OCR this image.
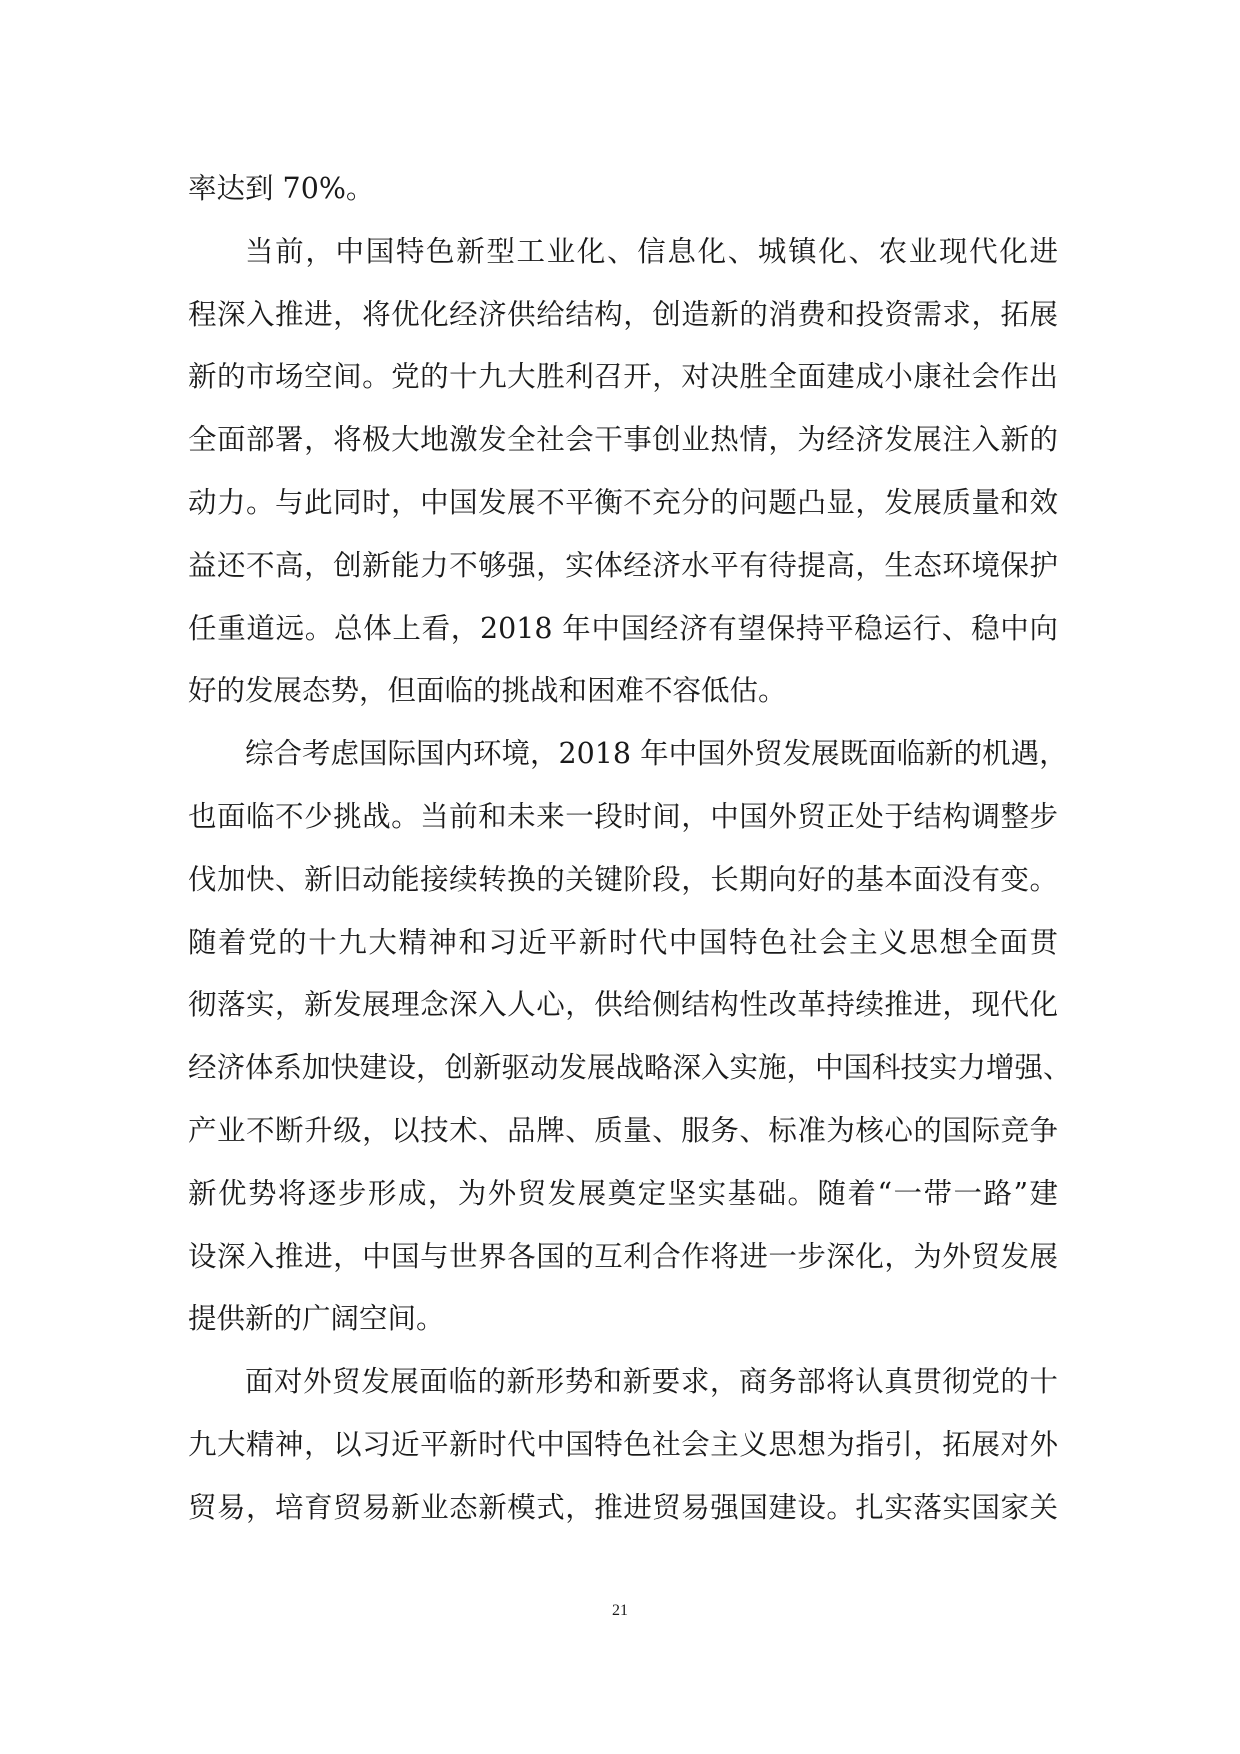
率达到 70%。
当前，中国特色新型工业化、信息化、城镇化、农业现代化进
程深入推进，将优化经济供给结构，创造新的消费和投资需求，拓展
新的市场空间。党的十九大胜利召开，对决胜全面建成小康社会作出
全面部署，将极大地激发全社会干事创业热情，为经济发展注入新的
动力。与此同时，中国发展不平衡不充分的问题凸显，发展质量和效
益还不高，创新能力不够强，实体经济水平有待提高，生态环境保护
任重道远。总体上看，2018 年中国经济有望保持平稳运行、稳中向
好的发展态势，但面临的挑战和困难不容低估。
综合考虑国际国内环境，2018 年中国外贸发展既面临新的机遇，
也面临不少挑战。当前和未来一段时间，中国外贸正处于结构调整步
伐加快、新旧动能接续转换的关键阶段，长期向好的基本面没有变。
随着党的十九大精神和习近平新时代中国特色社会主义思想全面贯
彻落实，新发展理念深入人心，供给侧结构性改革持续推进，现代化
经济体系加快建设，创新驱动发展战略深入实施，中国科技实力增强、
产业不断升级，以技术、品牌、质量、服务、标准为核心的国际竞争
新优势将逐步形成，为外贸发展奠定坚实基础。随着“一带一路”建
设深入推进，中国与世界各国的互利合作将进一步深化，为外贸发展
提供新的广阔空间。
面对外贸发展面临的新形势和新要求，商务部将认真贯彻党的十
九大精神，以习近平新时代中国特色社会主义思想为指引，拓展对外
贸易，培育贸易新业态新模式，推进贸易强国建设。扎实落实国家关
21
